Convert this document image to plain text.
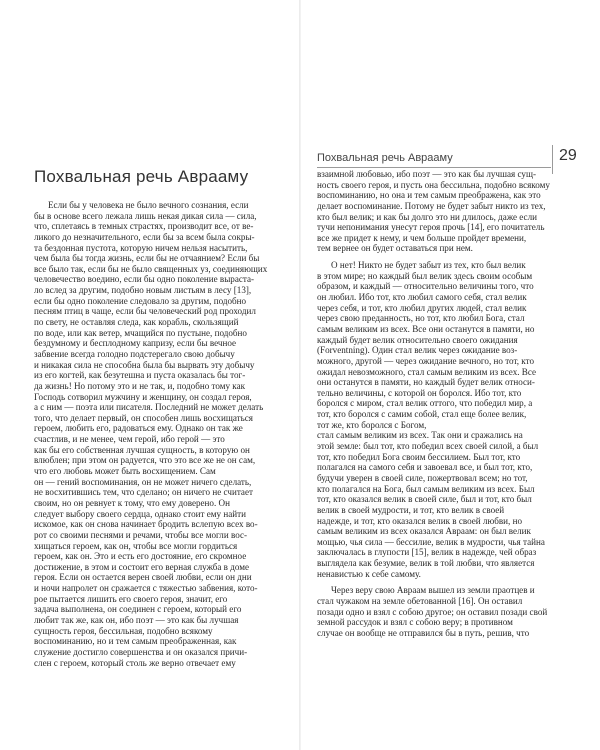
Похвальная речь Аврааму
Если бы у человека не было вечного сознания, если
бы в основе всего лежала лишь некая дикая сила — сила,
что, сплетаясь в темных страстях, производит все, от ве-
ликого до незначительного, если бы за всем была сокры-
та бездонная пустота, которую ничем нельзя насытить,
чем была бы тогда жизнь, если бы не отчаянием? Если бы
все было так, если бы не было священных уз, соединяющих
человечество воедино, если бы одно поколение выраста-
ло вслед за другим, подобно новым листьям в лесу [13],
если бы одно поколение следовало за другим, подобно
песням птиц в чаще, если бы человеческий род проходил
по свету, не оставляя следа, как корабль, скользящий
по воде, или как ветер, мчащийся по пустыне, подобно
бездумному и бесплодному капризу, если бы вечное
забвение всегда голодно подстерегало свою добычу
и никакая сила не способна была бы вырвать эту добычу
из его когтей, как безутешна и пуста оказалась бы тог-
да жизнь! Но потому это и не так, и, подобно тому как
Господь сотворил мужчину и женщину, он создал героя,
а с ним — поэта или писателя. Последний не может делать
того, что делает первый, он способен лишь восхищаться
героем, любить его, радоваться ему. Однако он так же
счастлив, и не менее, чем герой, ибо герой — это
как бы его собственная лучшая сущность, в которую он
влюблен; при этом он радуется, что это все же не он сам,
что его любовь может быть восхищением. Сам
он — гений воспоминания, он не может ничего сделать,
не восхитившись тем, что сделано; он ничего не считает
своим, но он ревнует к тому, что ему доверено. Он
следует выбору своего сердца, однако стоит ему найти
искомое, как он снова начинает бродить вслепую всех во-
рот со своими песнями и речами, чтобы все могли вос-
хищаться героем, как он, чтобы все могли гордиться
героем, как он. Это и есть его достояние, его скромное
достижение, в этом и состоит его верная служба в доме
героя. Если он остается верен своей любви, если он дни
и ночи напролет он сражается с тяжестью забвения, кото-
рое пытается лишить его своего героя, значит, его
задача выполнена, он соединен с героем, который его
любит так же, как он, ибо поэт — это как бы лучшая
сущность героя, бессильная, подобно всякому
воспоминанию, но и тем самым преображенная, как
служение достигло совершенства и он оказался причи-
слен с героем, который столь же верно отвечает ему
Похвальная речь Аврааму	29
взаимной любовью, ибо поэт — это как бы лучшая сущ-
ность своего героя, и пусть она бессильна, подобно всякому
воспоминанию, но она и тем самым преображена, как это
делает воспоминание. Потому не будет забыт никто из тех,
кто был велик; и как бы долго это ни длилось, даже если
тучи непонимания унесут героя прочь [14], его почитатель
все же придет к нему, и чем больше пройдет времени,
тем вернее он будет оставаться при нем.
О нет! Никто не будет забыт из тех, кто был велик
в этом мире; но каждый был велик здесь своим особым
образом, и каждый — относительно величины того, что
он любил. Ибо тот, кто любил самого себя, стал велик
через себя, и тот, кто любил других людей, стал велик
через свою преданность, но тот, кто любил Бога, стал
самым великим из всех. Все они останутся в памяти, но
каждый будет велик относительно своего ожидания
(Forventning). Один стал велик через ожидание воз-
можного, другой — через ожидание вечного, но тот, кто
ожидал невозможного, стал самым великим из всех. Все
они останутся в памяти, но каждый будет велик относи-
тельно величины, с которой он боролся. Ибо тот, кто
боролся с миром, стал велик оттого, что победил мир, а
тот, кто боролся с самим собой, стал еще более велик,
тот же, кто боролся с Богом,
стал самым великим из всех. Так они и сражались на
этой земле: был тот, кто победил всех своей силой, а был
тот, кто победил Бога своим бессилием. Был тот, кто
полагался на самого себя и завоевал все, и был тот, кто,
будучи уверен в своей силе, пожертвовал всем; но тот,
кто полагался на Бога, был самым великим из всех. Был
тот, кто оказался велик в своей силе, был и тот, кто был
велик в своей мудрости, и тот, кто велик в своей
надежде, и тот, кто оказался велик в своей любви, но
самым великим из всех оказался Авраам: он был велик
мощью, чья сила — бессилие, велик в мудрости, чья тайна
заключалась в глупости [15], велик в надежде, чей образ
выглядела как безумие, велик в той любви, что является
ненавистью к себе самому.
Через веру свою Авраам вышел из земли праотцев и
стал чужаком на земле обетованной [16]. Он оставил
позади одно и взял с собою другое; он оставил позади свой
земной рассудок и взял с собою веру; в противном
случае он вообще не отправился бы в путь, решив, что
